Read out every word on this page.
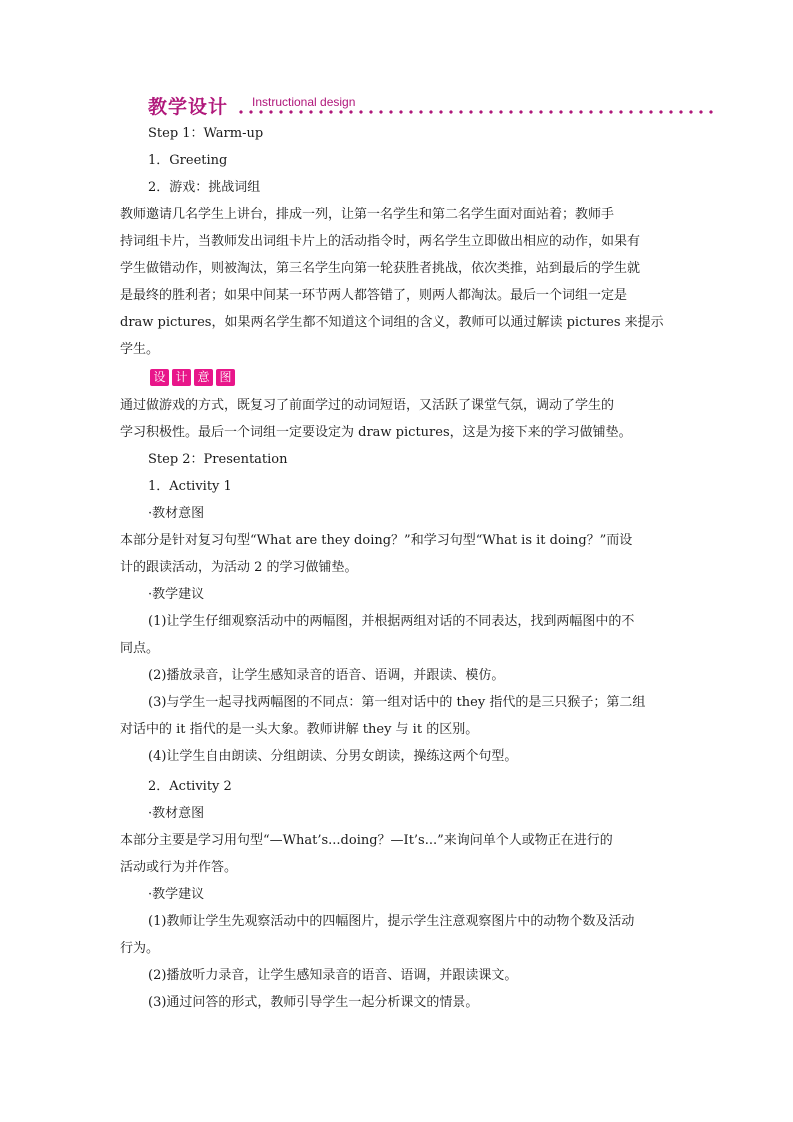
教学设计 Instructional design
Step 1：Warm-up
1．Greeting
2．游戏：挑战词组
教师邀请几名学生上讲台，排成一列，让第一名学生和第二名学生面对面站着；教师手
持词组卡片，当教师发出词组卡片上的活动指令时，两名学生立即做出相应的动作，如果有
学生做错动作，则被淘汰，第三名学生向第一轮获胜者挑战，依次类推，站到最后的学生就
是最终的胜利者；如果中间某一环节两人都答错了，则两人都淘汰。最后一个词组一定是
draw pictures，如果两名学生都不知道这个词组的含义，教师可以通过解读 pictures 来提示
学生。
设 计 意 图
通过做游戏的方式，既复习了前面学过的动词短语，又活跃了课堂气氛，调动了学生的
学习积极性。最后一个词组一定要设定为 draw pictures，这是为接下来的学习做铺垫。
Step 2：Presentation
1．Activity 1
·教材意图
本部分是针对复习句型“What are they doing？”和学习句型“What is it doing？”而设
计的跟读活动，为活动 2 的学习做铺垫。
·教学建议
(1)让学生仔细观察活动中的两幅图，并根据两组对话的不同表达，找到两幅图中的不
同点。
(2)播放录音，让学生感知录音的语音、语调，并跟读、模仿。
(3)与学生一起寻找两幅图的不同点：第一组对话中的 they 指代的是三只猴子；第二组
对话中的 it 指代的是一头大象。教师讲解 they 与 it 的区别。
(4)让学生自由朗读、分组朗读、分男女朗读，操练这两个句型。
2．Activity 2
·教材意图
本部分主要是学习用句型“—What’s...doing？—It’s...”来询问单个人或物正在进行的
活动或行为并作答。
·教学建议
(1)教师让学生先观察活动中的四幅图片，提示学生注意观察图片中的动物个数及活动
行为。
(2)播放听力录音，让学生感知录音的语音、语调，并跟读课文。
(3)通过问答的形式，教师引导学生一起分析课文的情景。
